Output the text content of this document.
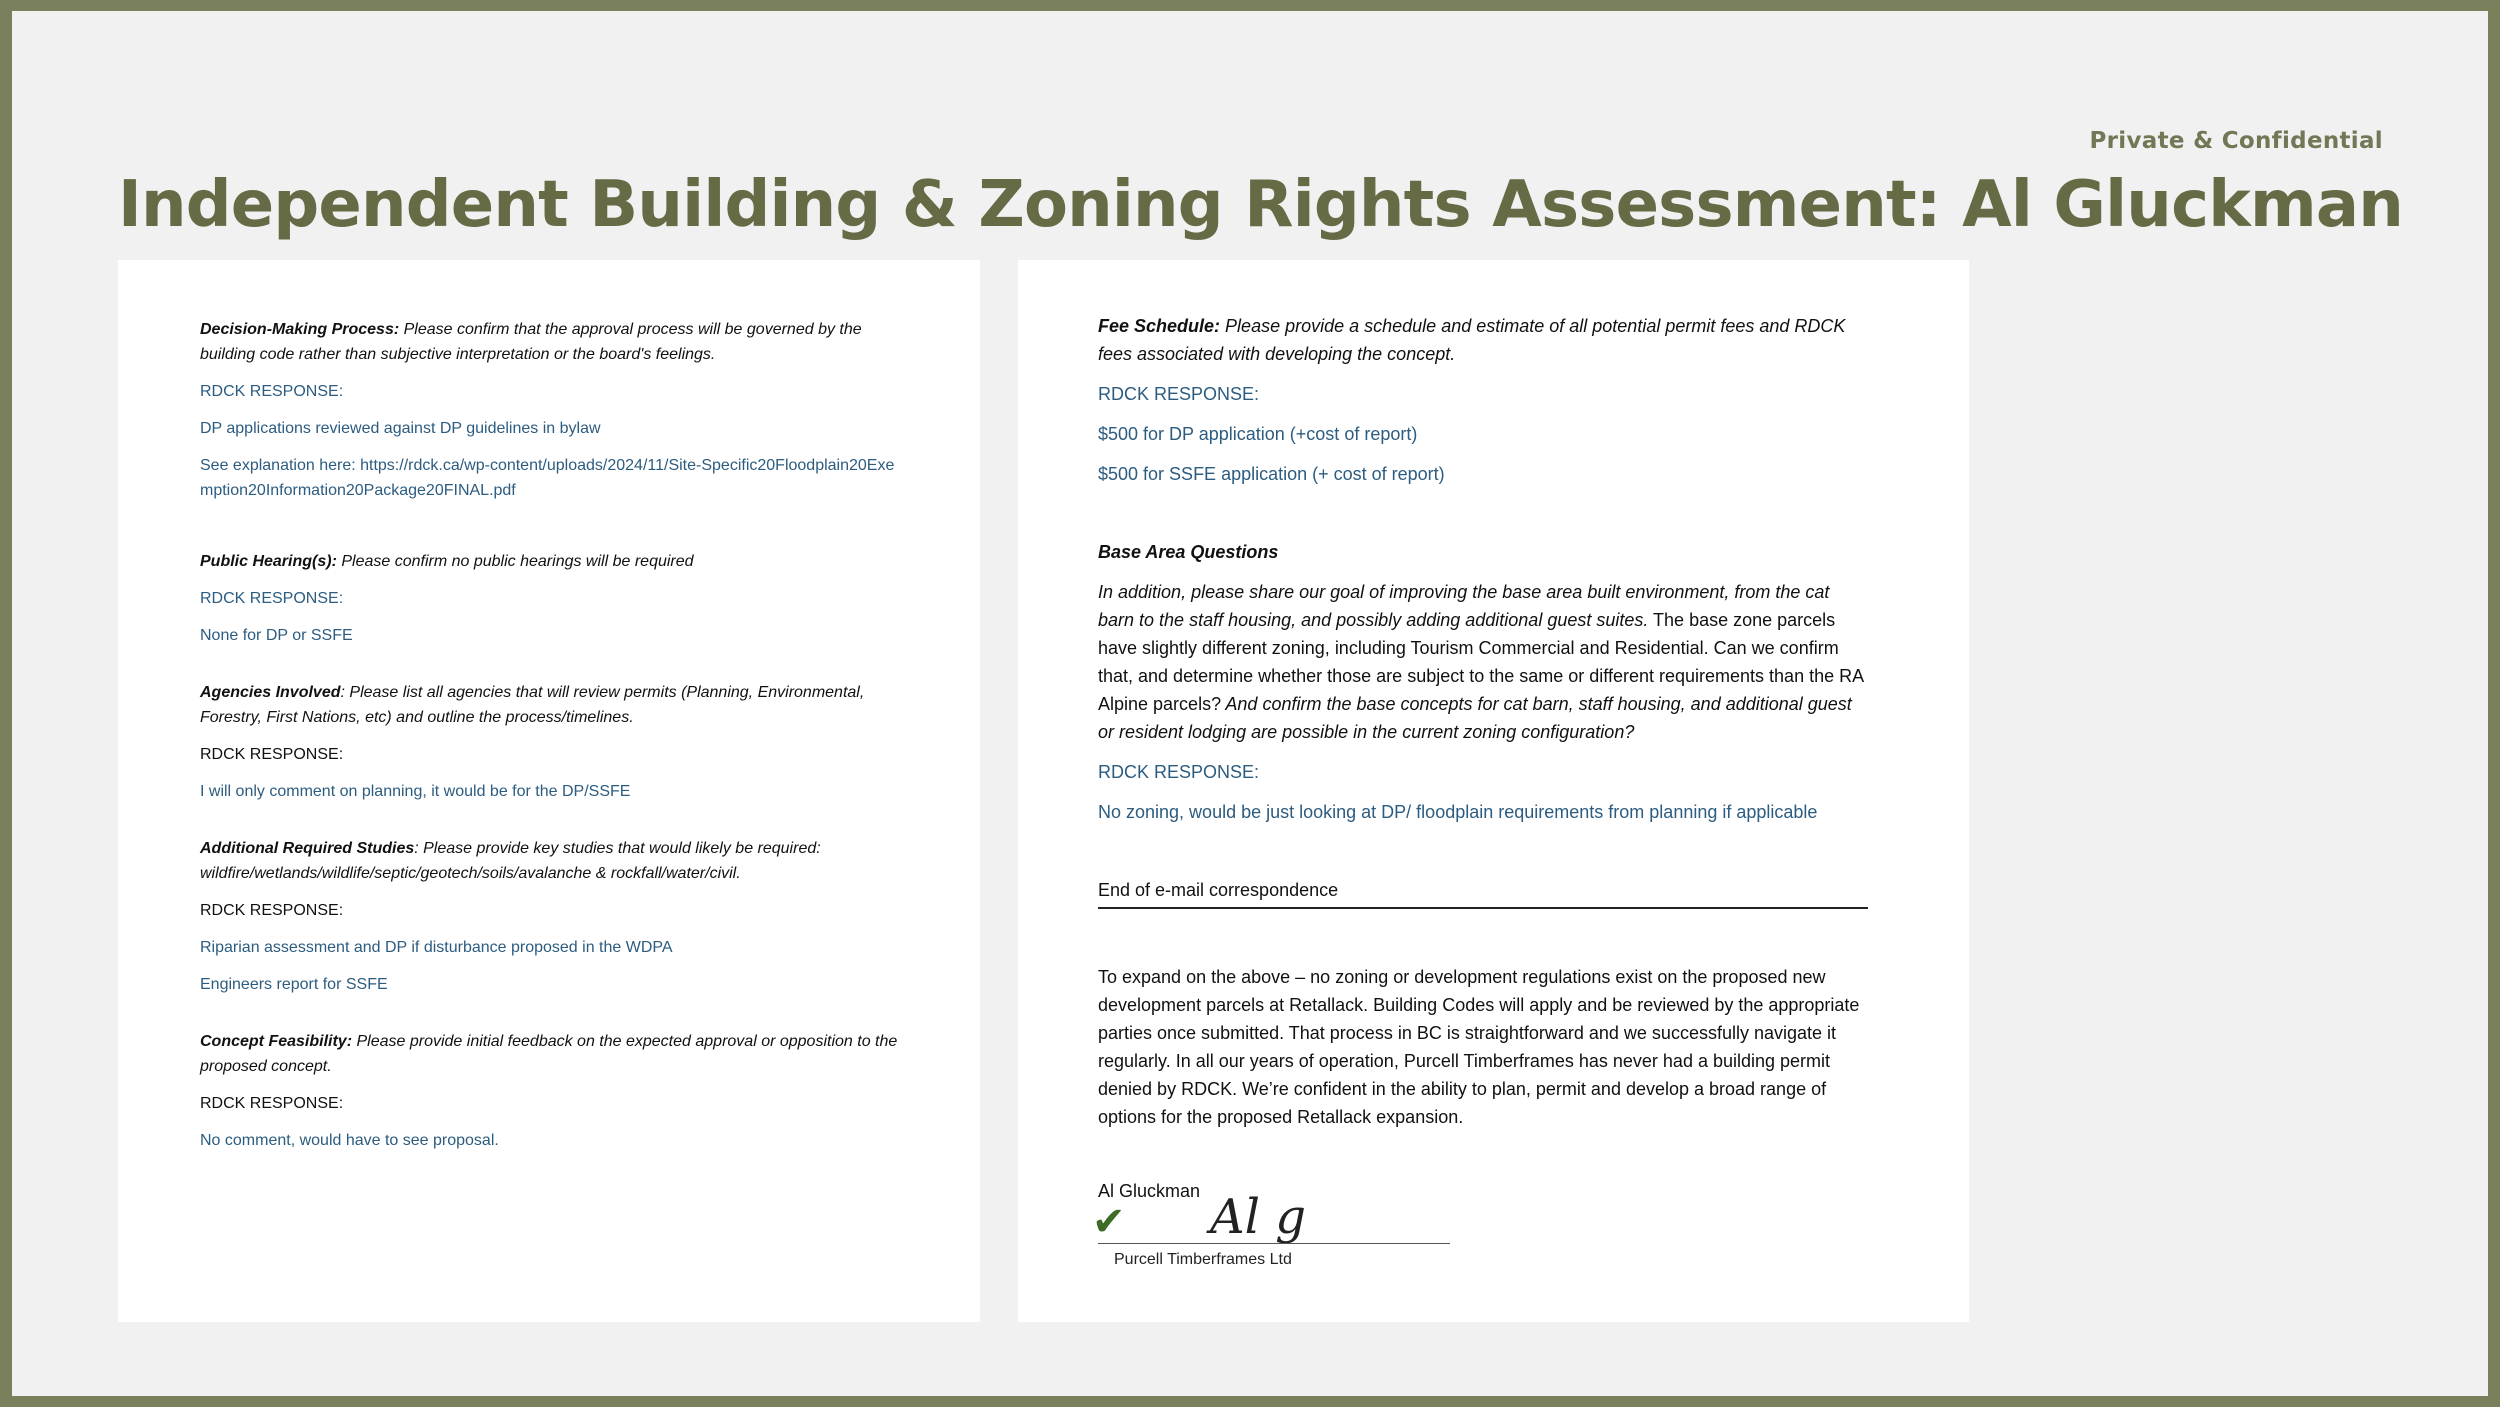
Private & Confidential
Independent Building & Zoning Rights Assessment: Al Gluckman

Decision-Making Process: Please confirm that the approval process will be governed by the building code rather than subjective interpretation or the board's feelings.

RDCK RESPONSE:

DP applications reviewed against DP guidelines in bylaw

See explanation here: https://rdck.ca/wp-content/uploads/2024/11/Site-Specific20Floodplain20Exemption20Information20Package20FINAL.pdf

Public Hearing(s): Please confirm no public hearings will be required

RDCK RESPONSE:

None for DP or SSFE

Agencies Involved: Please list all agencies that will review permits (Planning, Environmental, Forestry, First Nations, etc) and outline the process/timelines.

RDCK RESPONSE:

I will only comment on planning, it would be for the DP/SSFE

Additional Required Studies: Please provide key studies that would likely be required: wildfire/wetlands/wildlife/septic/geotech/soils/avalanche & rockfall/water/civil.

RDCK RESPONSE:

Riparian assessment and DP if disturbance proposed in the WDPA

Engineers report for SSFE

Concept Feasibility: Please provide initial feedback on the expected approval or opposition to the proposed concept.

RDCK RESPONSE:

No comment, would have to see proposal.

Fee Schedule: Please provide a schedule and estimate of all potential permit fees and RDCK fees associated with developing the concept.

RDCK RESPONSE:

$500 for DP application (+cost of report)

$500 for SSFE application (+ cost of report)

Base Area Questions

In addition, please share our goal of improving the base area built environment, from the cat barn to the staff housing, and possibly adding additional guest suites. The base zone parcels have slightly different zoning, including Tourism Commercial and Residential. Can we confirm that, and determine whether those are subject to the same or different requirements than the RA Alpine parcels? And confirm the base concepts for cat barn, staff housing, and additional guest or resident lodging are possible in the current zoning configuration?

RDCK RESPONSE:

No zoning, would be just looking at DP/ floodplain requirements from planning if applicable

End of e-mail correspondence

To expand on the above – no zoning or development regulations exist on the proposed new development parcels at Retallack. Building Codes will apply and be reviewed by the appropriate parties once submitted. That process in BC is straightforward and we successfully navigate it regularly. In all our years of operation, Purcell Timberframes has never had a building permit denied by RDCK. We’re confident in the ability to plan, permit and develop a broad range of options for the proposed Retallack expansion.

Al Gluckman
✔ Al g
Purcell Timberframes Ltd
